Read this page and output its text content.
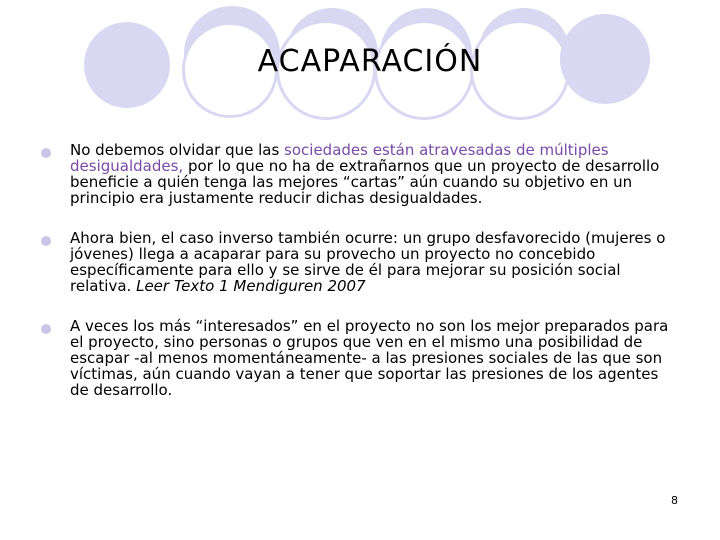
ACAPARACIÓN
No debemos olvidar que las sociedades están atravesadas de múltiples desigualdades, por lo que no ha de extrañarnos que un proyecto de desarrollo beneficie a quién tenga las mejores “cartas” aún cuando su objetivo en un principio era justamente reducir dichas desigualdades.
Ahora bien, el caso inverso también ocurre: un grupo desfavorecido (mujeres o jóvenes) llega a acaparar para su provecho un proyecto no concebido específicamente para ello y se sirve de él para mejorar su posición social relativa. Leer Texto 1 Mendiguren 2007
A veces los más “interesados” en el proyecto no son los mejor preparados para el proyecto, sino personas o grupos que ven en el mismo una posibilidad de escapar -al menos momentáneamente- a las presiones sociales de las que son víctimas, aún cuando vayan a tener que soportar las presiones de los agentes de desarrollo.
8
